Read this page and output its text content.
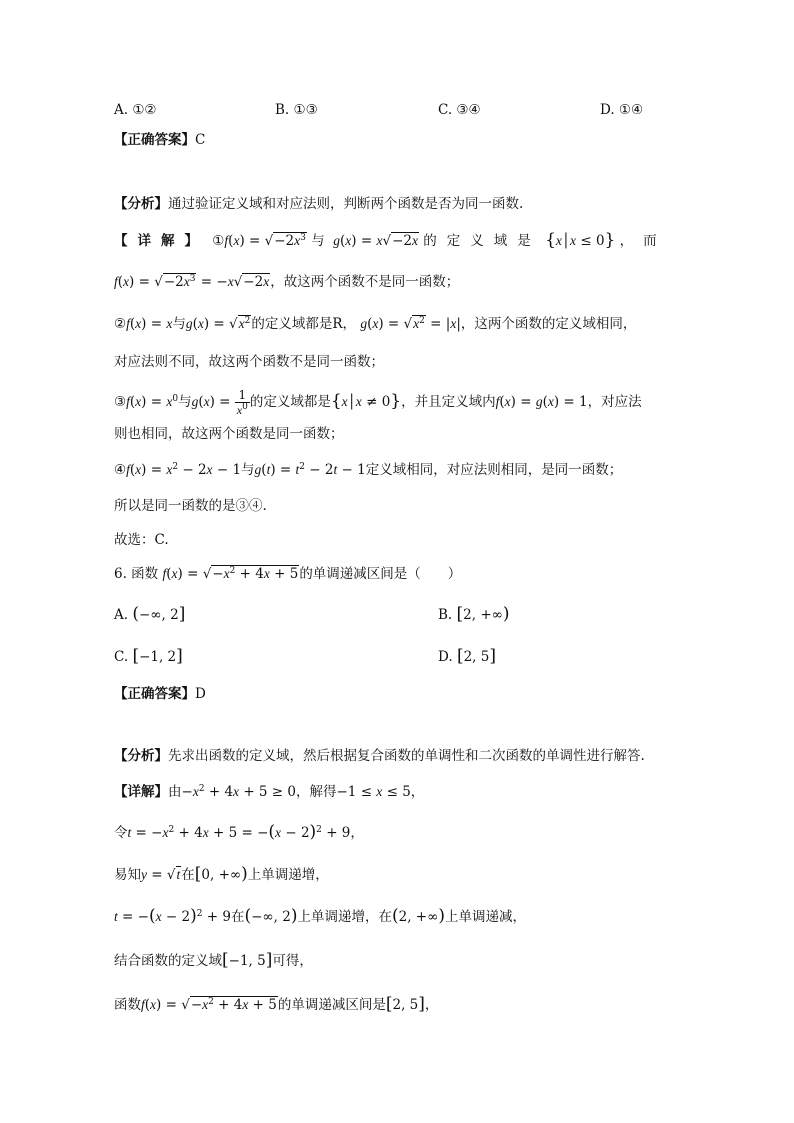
A. ①②	B. ①③	C. ③④	D. ①④
【正确答案】C
【分析】通过验证定义域和对应法则，判断两个函数是否为同一函数.
【详解】 ①f(x) = $√-2x^3$ 与 g(x) = x√−2x 的定义域是 {x│x ≤ 0} ，而
$f(x) = √-2x^3 = -x√-2x$，故这两个函数不是同一函数；
②f(x) = x与$g(x) = √x^2$的定义域都是R， $g(x) = √x^2 = |x|$，这两个函数的定义域相同，
对应法则不同，故这两个函数不是同一函数；
③f(x) = $x^0$与$g(x) = \frac{1}{x^0}$ 的定义域都是{x│x ≠ 0}，并且定义域内f(x) = g(x) = 1，对应法
则也相同，故这两个函数是同一函数；
④f(x) = $x^2 - 2x - 1$与$g(t) = t^2 - 2t - 1$定义域相同，对应法则相同，是同一函数；
所以是同一函数的是③④.
故选：C.
6. 函数 $f(x) = √-x^2 + 4x + 5$的单调递减区间是（　　）
A. (−∞, 2]	B. [2, +∞)
C. [−1, 2]	D. [2, 5]
【正确答案】D
【分析】先求出函数的定义域，然后根据复合函数的单调性和二次函数的单调性进行解答.
【详解】由$-x^2 + 4x + 5 \ge 0$，解得−1 ≤ x ≤ 5，
令$t = -x^2 + 4x + 5 = -(x - 2)^2 + 9$，
易知y = √t在[0, +∞)上单调递增，
$t = -(x - 2)^2 + 9$在(−∞, 2)上单调递增，在(2, +∞)上单调递减，
结合函数的定义域[−1, 5]可得，
函数$f(x) = √-x^2 + 4x + 5$的单调递减区间是[2, 5]，
